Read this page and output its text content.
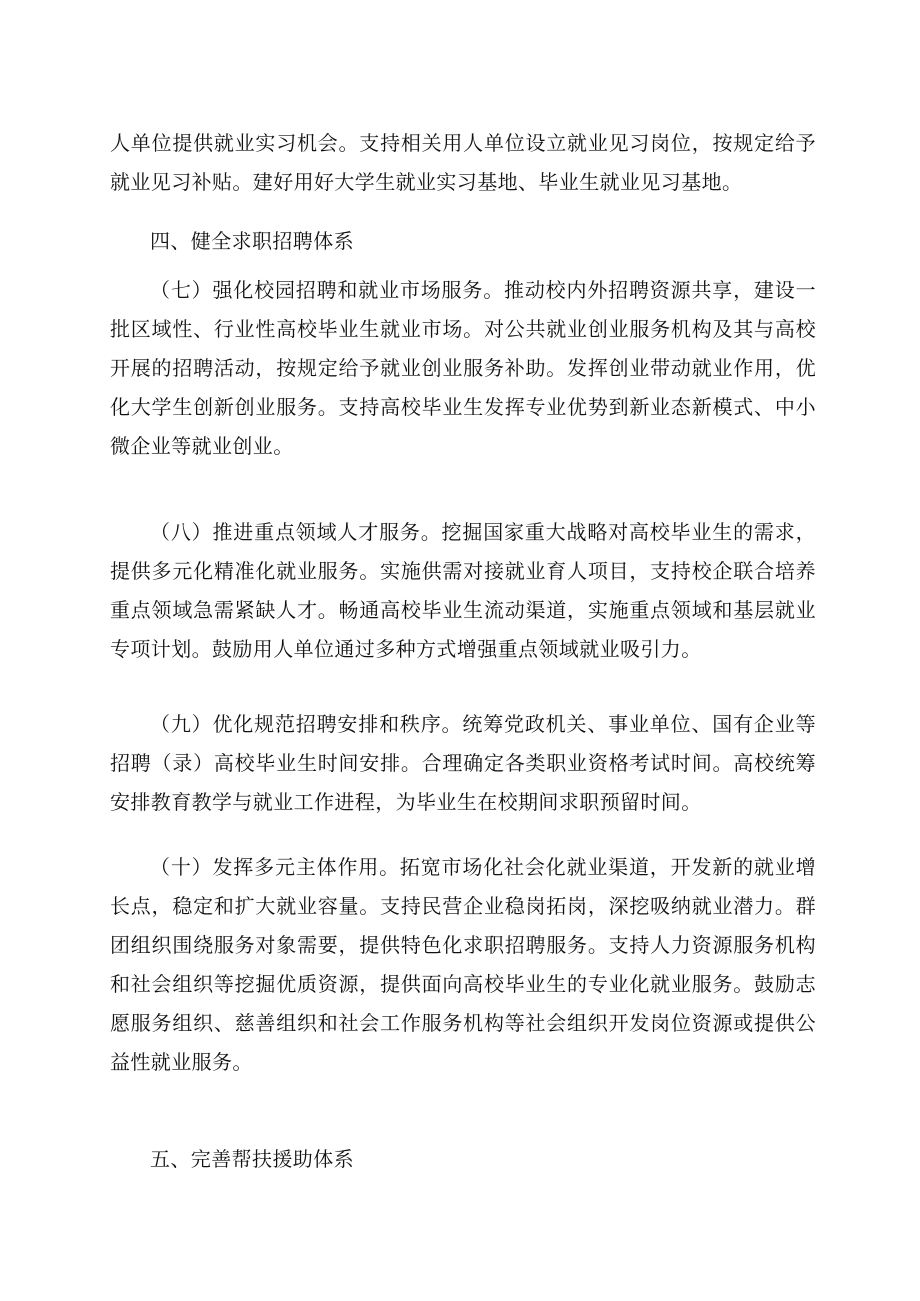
人单位提供就业实习机会。支持相关用人单位设立就业见习岗位，按规定给予就业见习补贴。建好用好大学生就业实习基地、毕业生就业见习基地。

四、健全求职招聘体系

（七）强化校园招聘和就业市场服务。推动校内外招聘资源共享，建设一批区域性、行业性高校毕业生就业市场。对公共就业创业服务机构及其与高校开展的招聘活动，按规定给予就业创业服务补助。发挥创业带动就业作用，优化大学生创新创业服务。支持高校毕业生发挥专业优势到新业态新模式、中小微企业等就业创业。

（八）推进重点领域人才服务。挖掘国家重大战略对高校毕业生的需求，提供多元化精准化就业服务。实施供需对接就业育人项目，支持校企联合培养重点领域急需紧缺人才。畅通高校毕业生流动渠道，实施重点领域和基层就业专项计划。鼓励用人单位通过多种方式增强重点领域就业吸引力。

（九）优化规范招聘安排和秩序。统筹党政机关、事业单位、国有企业等招聘（录）高校毕业生时间安排。合理确定各类职业资格考试时间。高校统筹安排教育教学与就业工作进程，为毕业生在校期间求职预留时间。

（十）发挥多元主体作用。拓宽市场化社会化就业渠道，开发新的就业增长点，稳定和扩大就业容量。支持民营企业稳岗拓岗，深挖吸纳就业潜力。群团组织围绕服务对象需要，提供特色化求职招聘服务。支持人力资源服务机构和社会组织等挖掘优质资源，提供面向高校毕业生的专业化就业服务。鼓励志愿服务组织、慈善组织和社会工作服务机构等社会组织开发岗位资源或提供公益性就业服务。

五、完善帮扶援助体系
